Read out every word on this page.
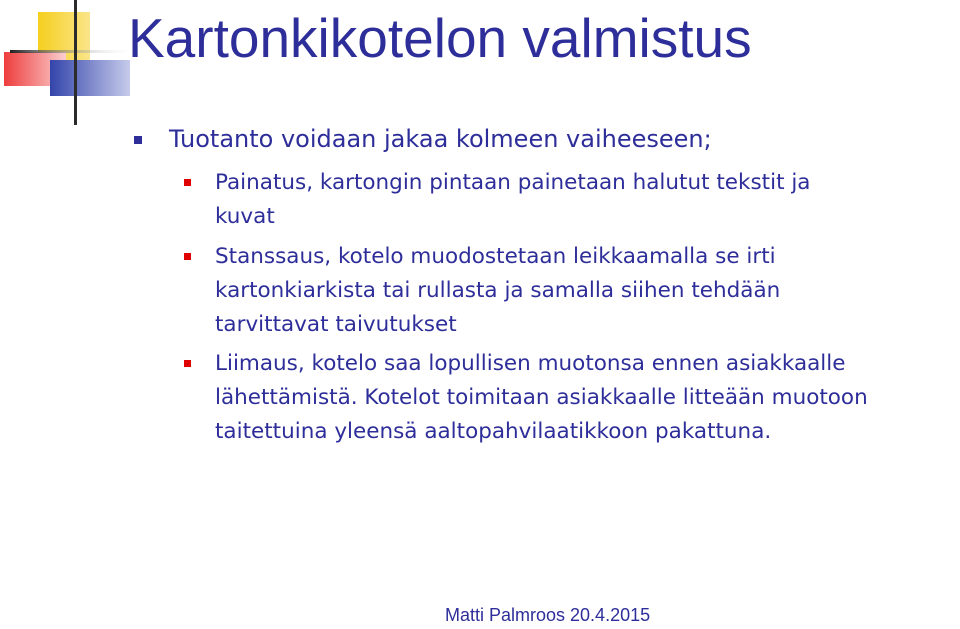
Kartonkikotelon valmistus
Tuotanto voidaan jakaa kolmeen vaiheeseen;
Painatus, kartongin pintaan painetaan halutut tekstit ja
kuvat
Stanssaus, kotelo muodostetaan leikkaamalla se irti
kartonkiarkista tai rullasta ja samalla siihen tehdään
tarvittavat taivutukset
Liimaus, kotelo saa lopullisen muotonsa ennen asiakkaalle
lähettämistä. Kotelot toimitaan asiakkaalle litteään muotoon
taitettuina yleensä aaltopahvilaatikkoon pakattuna.
Matti Palmroos 20.4.2015
